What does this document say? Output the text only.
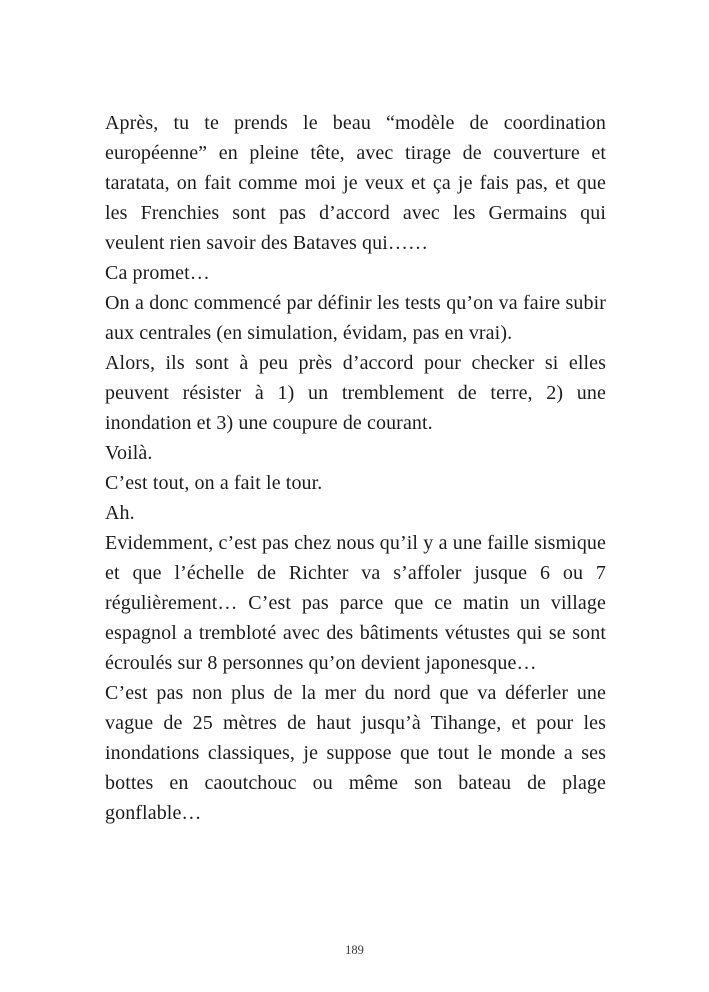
Après, tu te prends le beau “modèle de coordination européenne” en pleine tête, avec tirage de couverture et taratata, on fait comme moi je veux et ça je fais pas, et que les Frenchies sont pas d’accord avec les Germains qui veulent rien savoir des Bataves qui……

Ca promet…

On a donc commencé par définir les tests qu’on va faire subir aux centrales (en simulation, évidam, pas en vrai).

Alors, ils sont à peu près d’accord pour checker si elles peuvent résister à 1) un tremblement de terre, 2) une inondation et 3) une coupure de courant.

Voilà.

C’est tout, on a fait le tour.

Ah.

Evidemment, c’est pas chez nous qu’il y a une faille sismique et que l’échelle de Richter va s’affoler jusque 6 ou 7 régulièrement… C’est pas parce que ce matin un village espagnol a trembloté avec des bâtiments vétustes qui se sont écroulés sur 8 personnes qu’on devient japonesque…

C’est pas non plus de la mer du nord que va déferler une vague de 25 mètres de haut jusqu’à Tihange, et pour les inondations classiques, je suppose que tout le monde a ses bottes en caoutchouc ou même son bateau de plage gonflable…

189
